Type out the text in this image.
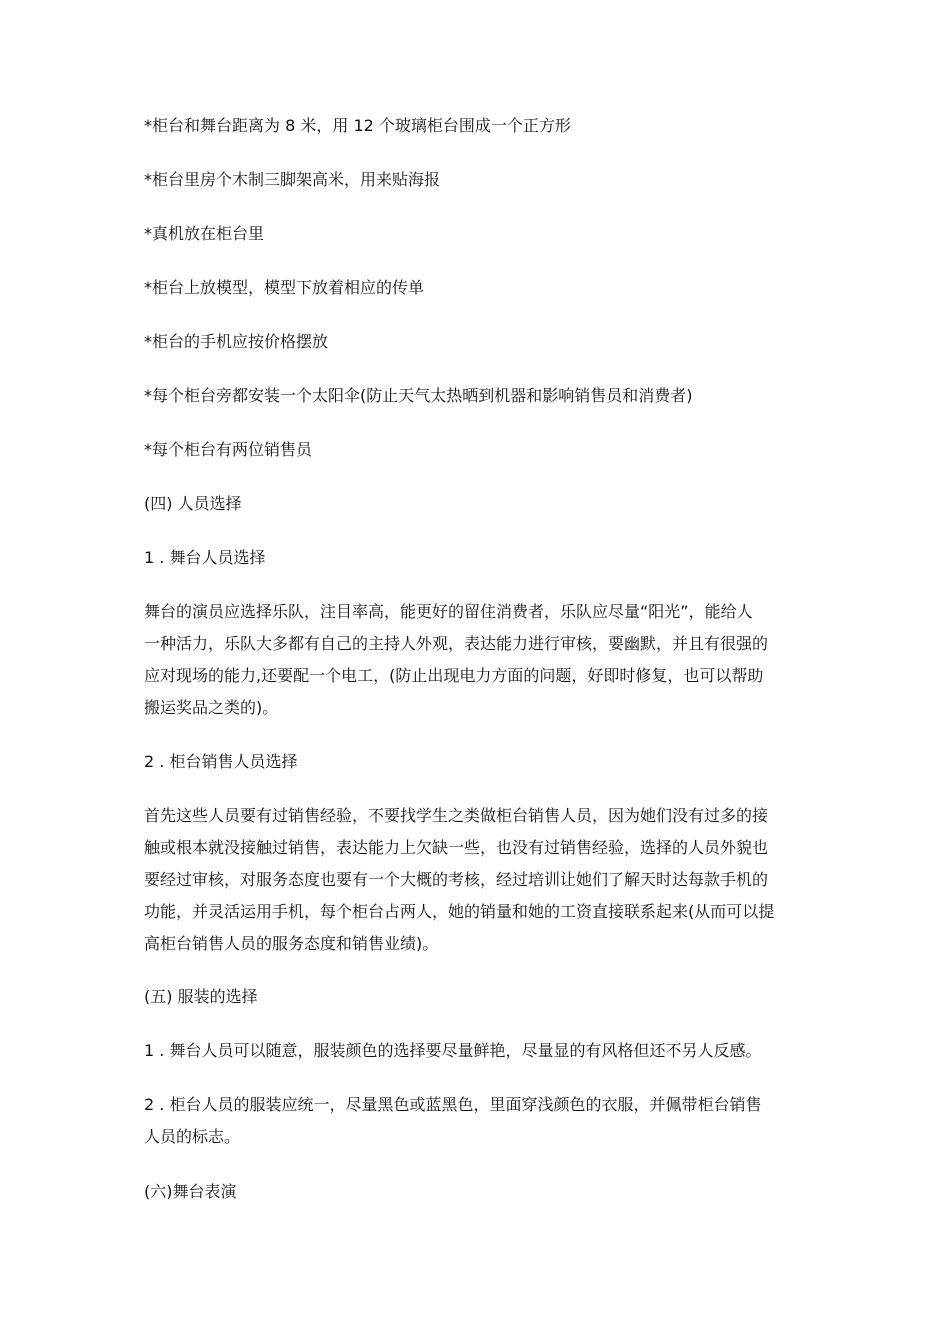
*柜台和舞台距离为 8 米，用 12 个玻璃柜台围成一个正方形
*柜台里房个木制三脚架高米，用来贴海报
*真机放在柜台里
*柜台上放模型，模型下放着相应的传单
*柜台的手机应按价格摆放
*每个柜台旁都安装一个太阳伞(防止天气太热晒到机器和影响销售员和消费者)
*每个柜台有两位销售员
(四) 人员选择
1 . 舞台人员选择
舞台的演员应选择乐队，注目率高，能更好的留住消费者，乐队应尽量“阳光”，能给人
一种活力，乐队大多都有自己的主持人外观，表达能力进行审核，要幽默，并且有很强的
应对现场的能力,还要配一个电工，(防止出现电力方面的问题，好即时修复，也可以帮助
搬运奖品之类的)。
2 . 柜台销售人员选择
首先这些人员要有过销售经验，不要找学生之类做柜台销售人员，因为她们没有过多的接
触或根本就没接触过销售，表达能力上欠缺一些，也没有过销售经验，选择的人员外貌也
要经过审核，对服务态度也要有一个大概的考核，经过培训让她们了解天时达每款手机的
功能，并灵活运用手机，每个柜台占两人，她的销量和她的工资直接联系起来(从而可以提
高柜台销售人员的服务态度和销售业绩)。
(五) 服装的选择
1 . 舞台人员可以随意，服装颜色的选择要尽量鲜艳，尽量显的有风格但还不另人反感。
2 . 柜台人员的服装应统一，尽量黑色或蓝黑色，里面穿浅颜色的衣服，并佩带柜台销售
人员的标志。
(六)舞台表演
